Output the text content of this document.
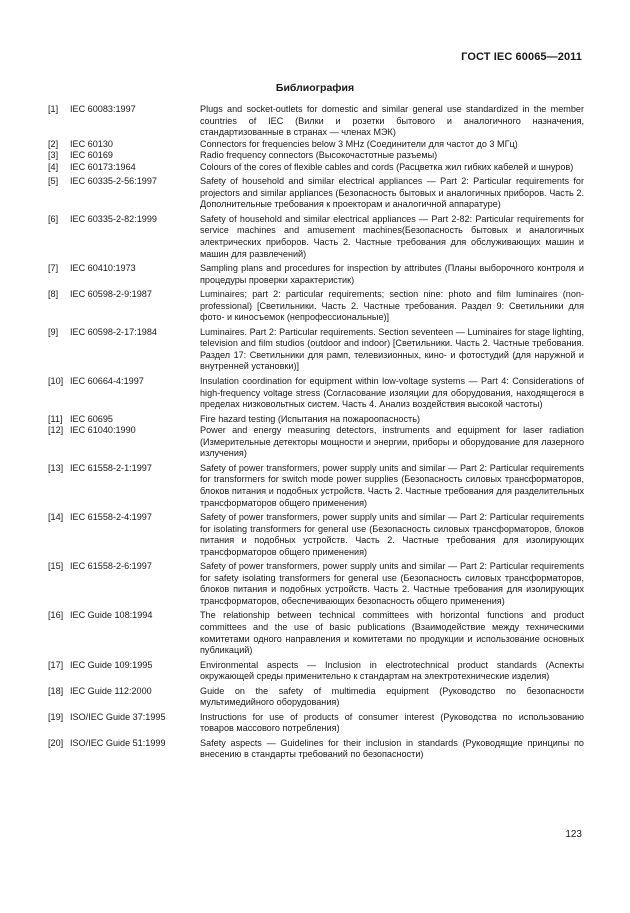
ГОСТ IEC 60065—2011
Библиография
[1]	IEC 60083:1997	Plugs and socket-outlets for domestic and similar general use standardized in the member countries of IEC (Вилки и розетки бытового и аналогичного назначения, стандартизованные в странах — членах МЭК)
[2]	IEC 60130	Connectors for frequencies below 3 MHz (Соединители для частот до 3 МГц)
[3]	IEC 60169	Radio frequency connectors (Высокочастотные разъемы)
[4]	IEC 60173:1964	Colours of the cores of flexible cables and cords (Расцветка жил гибких кабелей и шнуров)
[5]	IEC 60335-2-56:1997	Safety of household and similar electrical appliances — Part 2: Particular requirements for projectors and similar appliances (Безопасность бытовых и аналогичных приборов. Часть 2. Дополнительные требования к проекторам и аналогичной аппаратуре)
[6]	IEC 60335-2-82:1999	Safety of household and similar electrical appliances — Part 2-82: Particular requirements for service machines and amusement machines(Безопасность бытовых и аналогичных электрических приборов. Часть 2. Частные требования для обслуживающих машин и машин для развлечений)
[7]	IEC 60410:1973	Sampling plans and procedures for inspection by attributes (Планы выборочного контроля и процедуры проверки характеристик)
[8]	IEC 60598-2-9:1987	Luminaires; part 2: particular requirements; section nine: photo and film luminaires (non-professional) [Светильники. Часть 2. Частные требования. Раздел 9: Светильники для фото- и киносъемок (непрофессиональные)]
[9]	IEC 60598-2-17:1984	Luminaires. Part 2: Particular requirements. Section seventeen — Luminaires for stage lighting, television and film studios (outdoor and indoor) [Светильники. Часть 2. Частные требования. Раздел 17: Светильники для рамп, телевизионных, кино- и фотостудий (для наружной и внутренней установки)]
[10] IEC 60664-4:1997	Insulation coordination for equipment within low-voltage systems — Part 4: Considerations of high-frequency voltage stress (Согласование изоляции для оборудования, находящегося в пределах низковольтных систем. Часть 4. Анализ воздействия высокой частоты)
[11] IEC 60695	Fire hazard testing (Испытания на пожароопасность)
[12] IEC 61040:1990	Power and energy measuring detectors, instruments and equipment for laser radiation (Измерительные детекторы мощности и энергии, приборы и оборудование для лазерного излучения)
[13] IEC 61558-2-1:1997	Safety of power transformers, power supply units and similar — Part 2: Particular requirements for transformers for switch mode power supplies (Безопасность силовых трансформаторов, блоков питания и подобных устройств. Часть 2. Частные требования для разделительных трансформаторов общего применения)
[14] IEC 61558-2-4:1997	Safety of power transformers, power supply units and similar — Part 2: Particular requirements for isolating transformers for general use (Безопасность силовых трансформаторов, блоков питания и подобных устройств. Часть 2. Частные требования для изолирующих трансформаторов общего применения)
[15] IEC 61558-2-6:1997	Safety of power transformers, power supply units and similar — Part 2: Particular requirements for safety isolating transformers for general use (Безопасность силовых трансформаторов, блоков питания и подобных устройств. Часть 2. Частные требования для изолирующих трансформаторов, обеспечивающих безопасность общего применения)
[16] IEC Guide 108:1994	The relationship between technical committees with horizontal functions and product committees and the use of basic publications (Взаимодействие между техническими комитетами одного направления и комитетами по продукции и использование основных публикаций)
[17] IEC Guide 109:1995	Environmental aspects — Inclusion in electrotechnical product standards (Аспекты окружающей среды применительно к стандартам на электротехнические изделия)
[18] IEC Guide 112:2000	Guide on the safety of multimedia equipment (Руководство по безопасности мультимедийного оборудования)
[19] ISO/IEC Guide 37:1995	Instructions for use of products of consumer interest (Руководства по использованию товаров массового потребления)
[20] ISO/IEC Guide 51:1999	Safety aspects — Guidelines for their inclusion in standards (Руководящие принципы по внесению в стандарты требований по безопасности)
123
